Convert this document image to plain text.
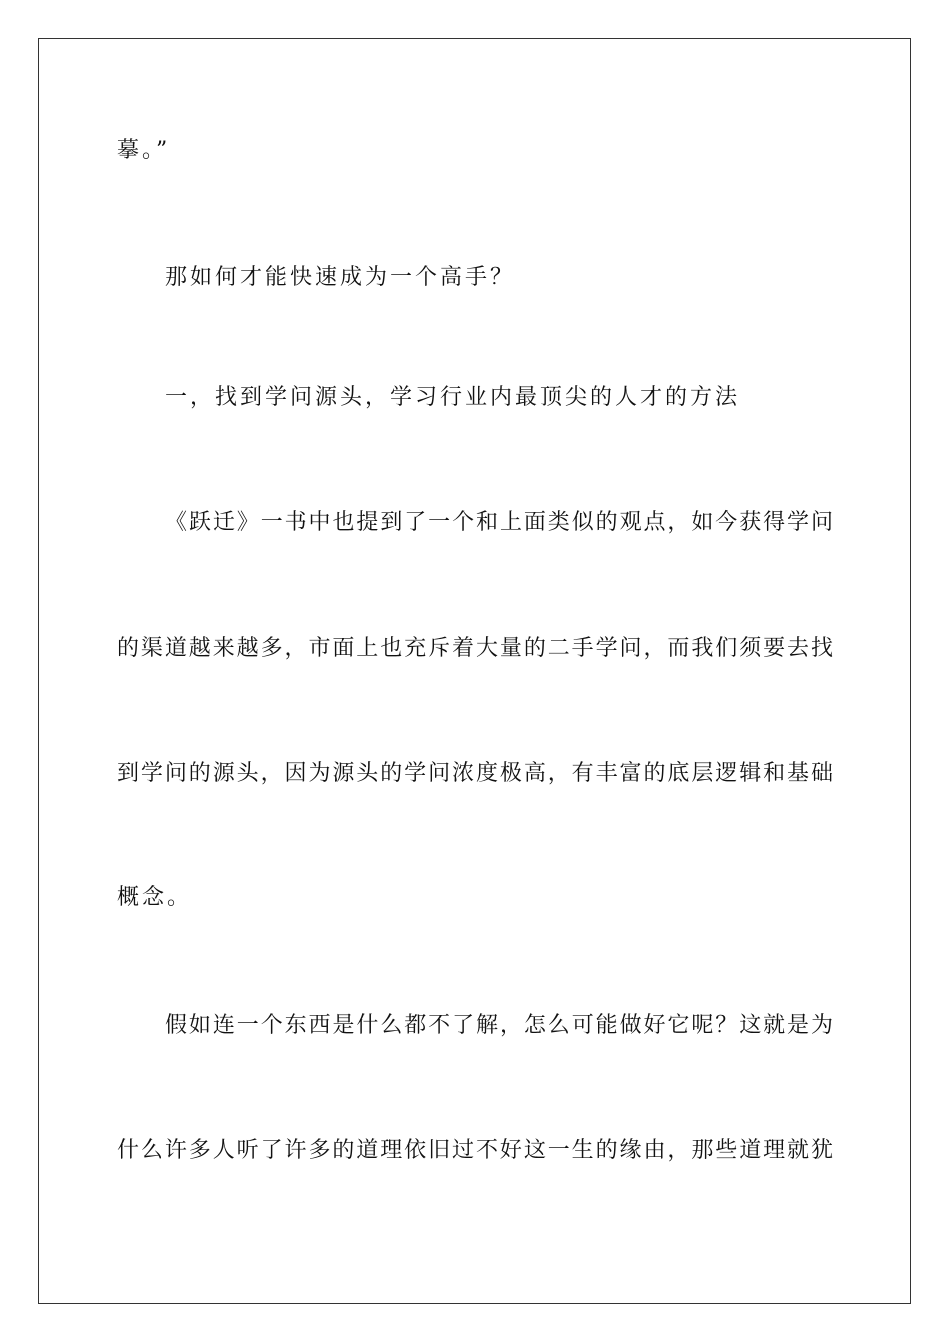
摹。”
那如何才能快速成为一个高手？
一，找到学问源头，学习行业内最顶尖的人才的方法
《跃迁》一书中也提到了一个和上面类似的观点，如今获得学问
的渠道越来越多，市面上也充斥着大量的二手学问，而我们须要去找
到学问的源头，因为源头的学问浓度极高，有丰富的底层逻辑和基础
概念。
假如连一个东西是什么都不了解，怎么可能做好它呢？这就是为
什么许多人听了许多的道理依旧过不好这一生的缘由，那些道理就犹
